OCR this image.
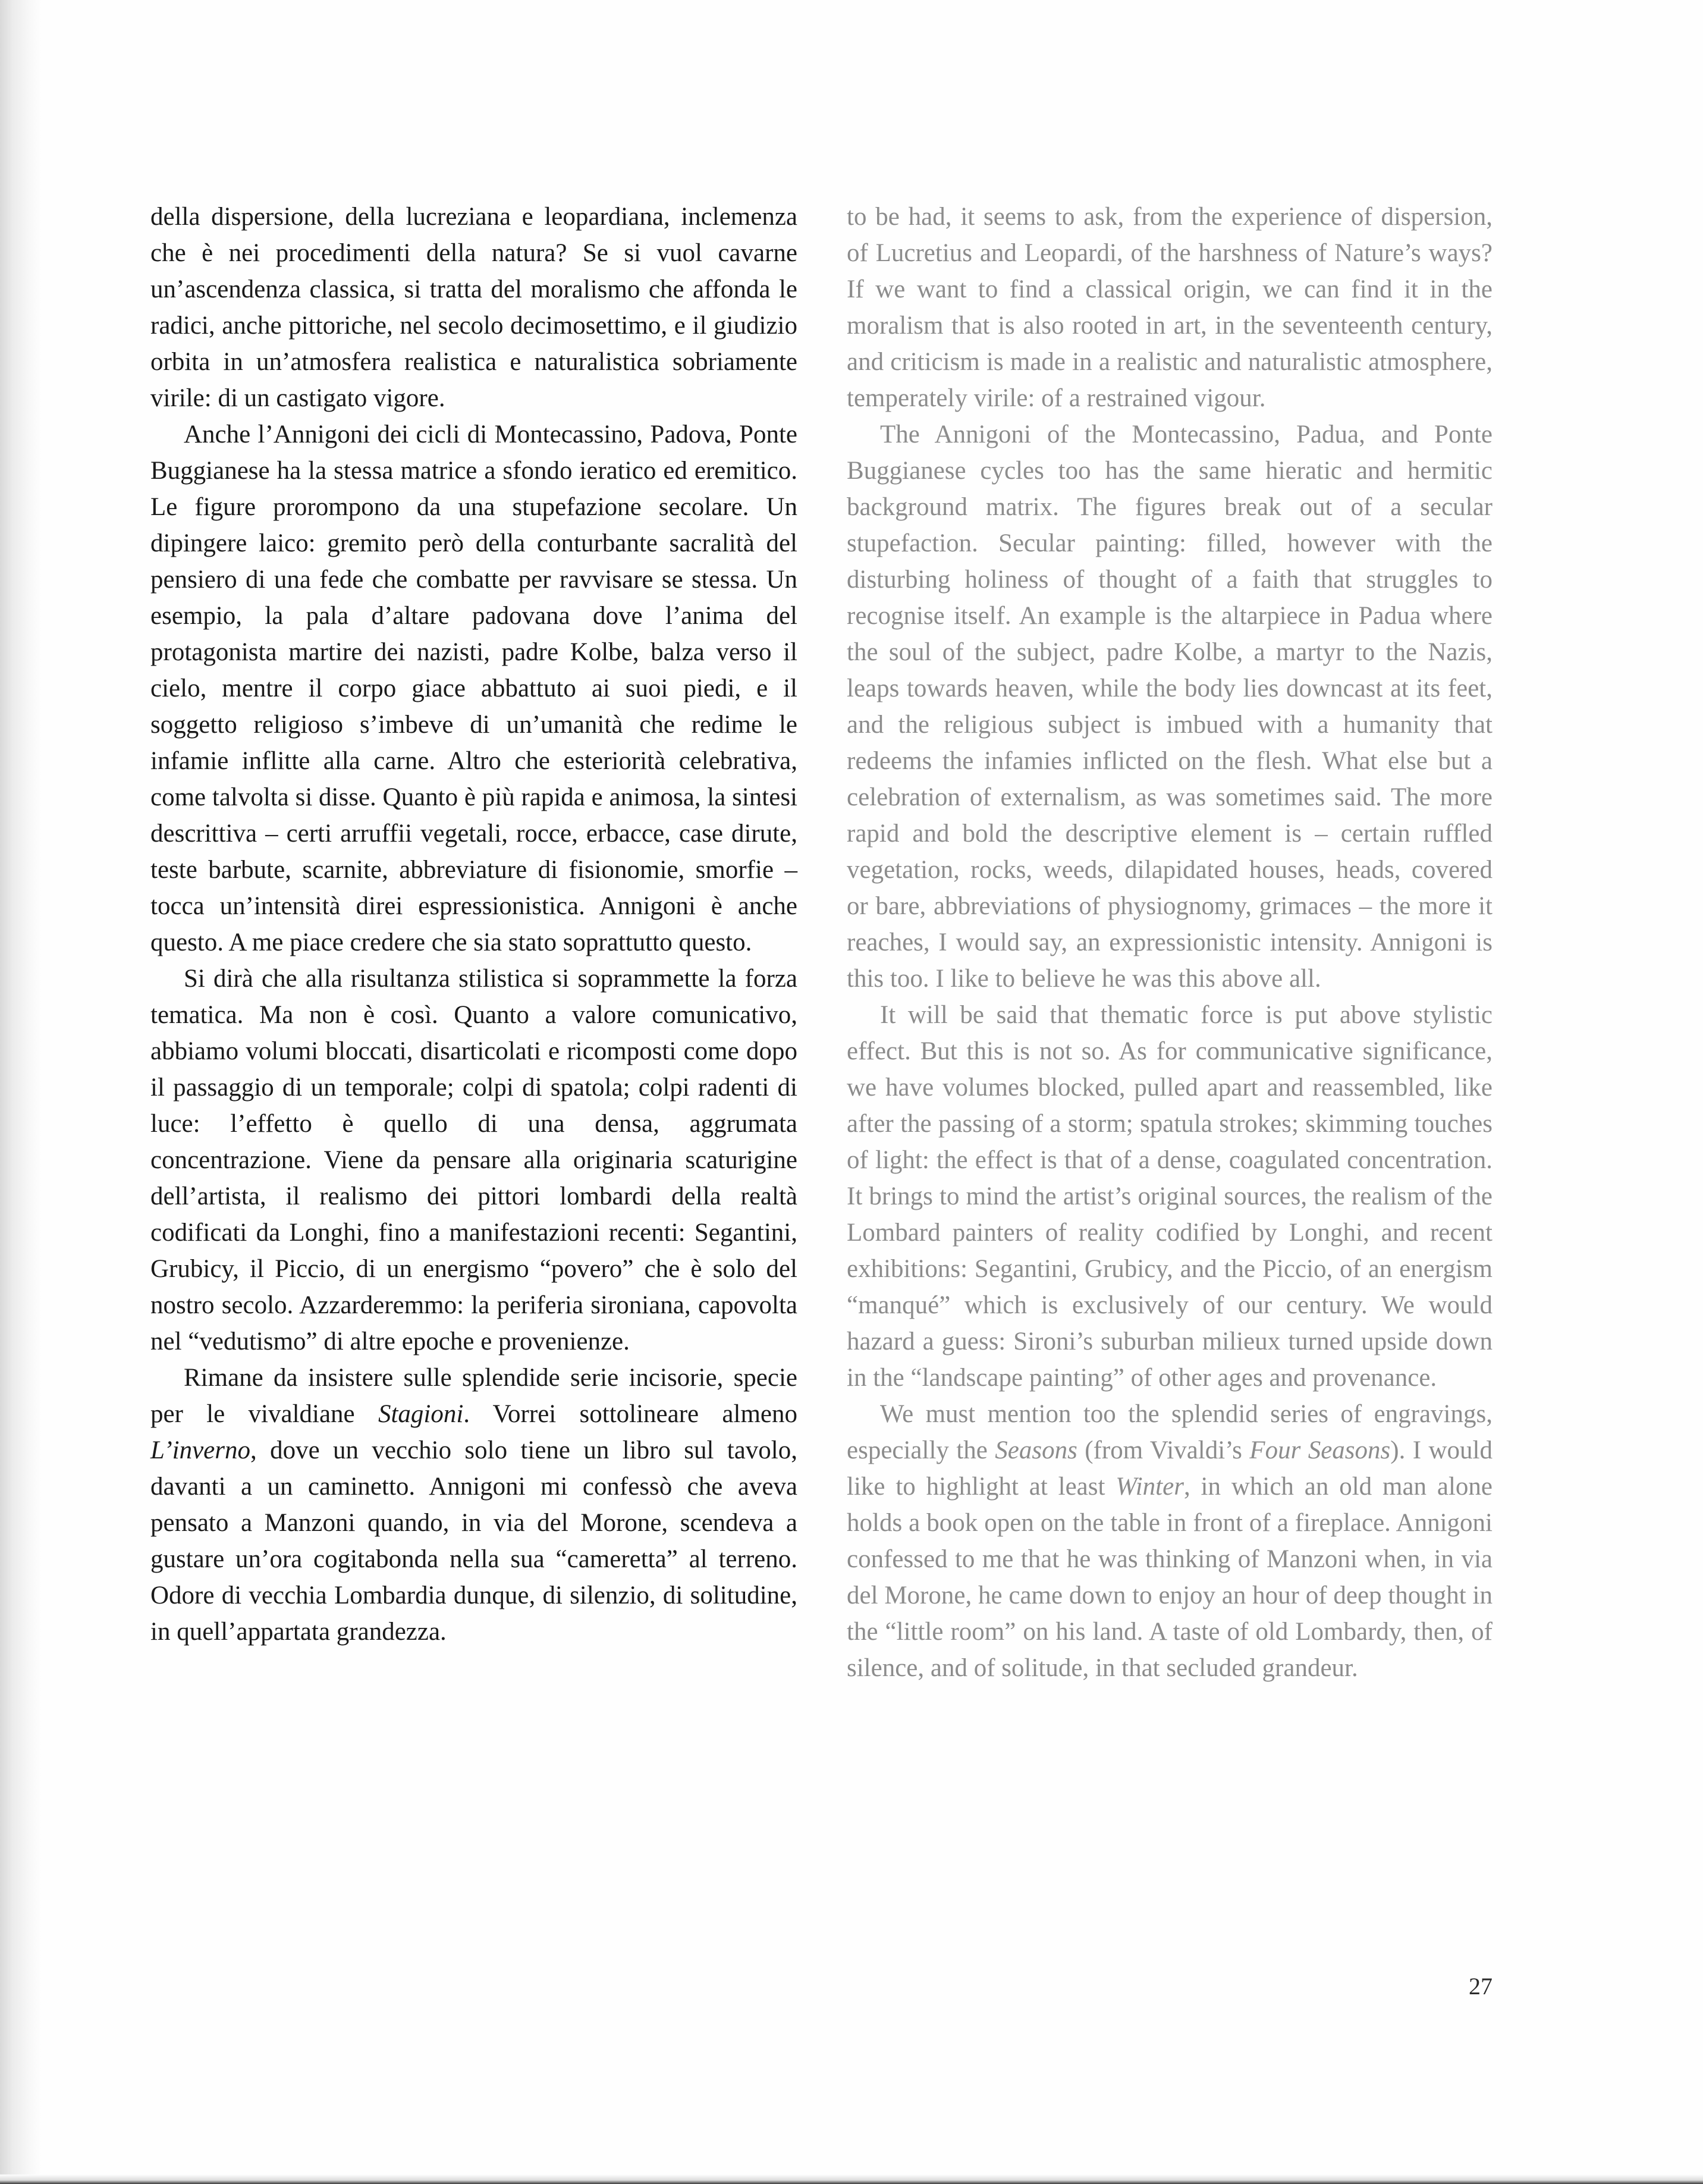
della dispersione, della lucreziana e leopardiana, inclemenza che è nei procedimenti della natura? Se si vuol cavarne un’ascendenza classica, si tratta del moralismo che affonda le radici, anche pittoriche, nel secolo decimosettimo, e il giudizio orbita in un’atmosfera realistica e naturalistica sobriamente virile: di un castigato vigore.

Anche l’Annigoni dei cicli di Montecassino, Padova, Ponte Buggianese ha la stessa matrice a sfondo ieratico ed eremitico. Le figure prorompono da una stupefazione secolare. Un dipingere laico: gremito però della conturbante sacralità del pensiero di una fede che combatte per ravvisare se stessa. Un esempio, la pala d’altare padovana dove l’anima del protagonista martire dei nazisti, padre Kolbe, balza verso il cielo, mentre il corpo giace abbattuto ai suoi piedi, e il soggetto religioso s’imbeve di un’umanità che redime le infamie inflitte alla carne. Altro che esteriorità celebrativa, come talvolta si disse. Quanto è più rapida e animosa, la sintesi descrittiva – certi arruffii vegetali, rocce, erbacce, case dirute, teste barbute, scarnite, abbreviature di fisionomie, smorfie – tocca un’intensità direi espressionistica. Annigoni è anche questo. A me piace credere che sia stato soprattutto questo.

Si dirà che alla risultanza stilistica si soprammette la forza tematica. Ma non è così. Quanto a valore comunicativo, abbiamo volumi bloccati, disarticolati e ricomposti come dopo il passaggio di un temporale; colpi di spatola; colpi radenti di luce: l’effetto è quello di una densa, aggrumata concentrazione. Viene da pensare alla originaria scaturigine dell’artista, il realismo dei pittori lombardi della realtà codificati da Longhi, fino a manifestazioni recenti: Segantini, Grubicy, il Piccio, di un energismo “povero” che è solo del nostro secolo. Azzarderemmo: la periferia sironiana, capovolta nel “vedutismo” di altre epoche e provenienze.

Rimane da insistere sulle splendide serie incisorie, specie per le vivaldiane Stagioni. Vorrei sottolineare almeno L’inverno, dove un vecchio solo tiene un libro sul tavolo, davanti a un caminetto. Annigoni mi confessò che aveva pensato a Manzoni quando, in via del Morone, scendeva a gustare un’ora cogitabonda nella sua “cameretta” al terreno. Odore di vecchia Lombardia dunque, di silenzio, di solitudine, in quell’appartata grandezza.

to be had, it seems to ask, from the experience of dispersion, of Lucretius and Leopardi, of the harshness of Nature’s ways? If we want to find a classical origin, we can find it in the moralism that is also rooted in art, in the seventeenth century, and criticism is made in a realistic and naturalistic atmosphere, temperately virile: of a restrained vigour.

The Annigoni of the Montecassino, Padua, and Ponte Buggianese cycles too has the same hieratic and hermitic background matrix. The figures break out of a secular stupefaction. Secular painting: filled, however with the disturbing holiness of thought of a faith that struggles to recognise itself. An example is the altarpiece in Padua where the soul of the subject, padre Kolbe, a martyr to the Nazis, leaps towards heaven, while the body lies downcast at its feet, and the religious subject is imbued with a humanity that redeems the infamies inflicted on the flesh. What else but a celebration of externalism, as was sometimes said. The more rapid and bold the descriptive element is – certain ruffled vegetation, rocks, weeds, dilapidated houses, heads, covered or bare, abbreviations of physiognomy, grimaces – the more it reaches, I would say, an expressionistic intensity. Annigoni is this too. I like to believe he was this above all.

It will be said that thematic force is put above stylistic effect. But this is not so. As for communicative significance, we have volumes blocked, pulled apart and reassembled, like after the passing of a storm; spatula strokes; skimming touches of light: the effect is that of a dense, coagulated concentration. It brings to mind the artist’s original sources, the realism of the Lombard painters of reality codified by Longhi, and recent exhibitions: Segantini, Grubicy, and the Piccio, of an energism “manqué” which is exclusively of our century. We would hazard a guess: Sironi’s suburban milieux turned upside down in the “landscape painting” of other ages and provenance.

We must mention too the splendid series of engravings, especially the Seasons (from Vivaldi’s Four Seasons). I would like to highlight at least Winter, in which an old man alone holds a book open on the table in front of a fireplace. Annigoni confessed to me that he was thinking of Manzoni when, in via del Morone, he came down to enjoy an hour of deep thought in the “little room” on his land. A taste of old Lombardy, then, of silence, and of solitude, in that secluded grandeur.

27
